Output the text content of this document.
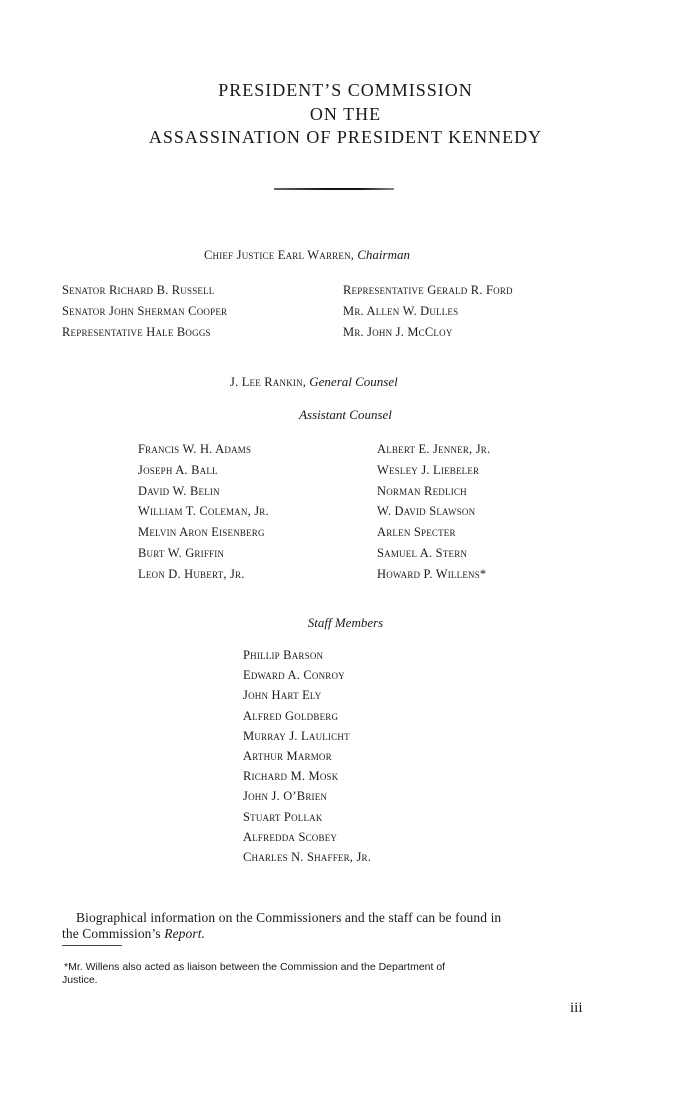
PRESIDENT’S COMMISSION
ON THE
ASSASSINATION OF PRESIDENT KENNEDY
Chief Justice Earl Warren, Chairman
Senator Richard B. Russell
Senator John Sherman Cooper
Representative Hale Boggs
Representative Gerald R. Ford
Mr. Allen W. Dulles
Mr. John J. McCloy
J. Lee Rankin, General Counsel
Assistant Counsel
Francis W. H. Adams
Joseph A. Ball
David W. Belin
William T. Coleman, Jr.
Melvin Aron Eisenberg
Burt W. Griffin
Leon D. Hubert, Jr.
Albert E. Jenner, Jr.
Wesley J. Liebeler
Norman Redlich
W. David Slawson
Arlen Specter
Samuel A. Stern
Howard P. Willens*
Staff Members
Phillip Barson
Edward A. Conroy
John Hart Ely
Alfred Goldberg
Murray J. Laulicht
Arthur Marmor
Richard M. Mosk
John J. O’Brien
Stuart Pollak
Alfredda Scobey
Charles N. Shaffer, Jr.
Biographical information on the Commissioners and the staff can be found in
the Commission’s Report.
*Mr. Willens also acted as liaison between the Commission and the Department of
Justice.
iii
